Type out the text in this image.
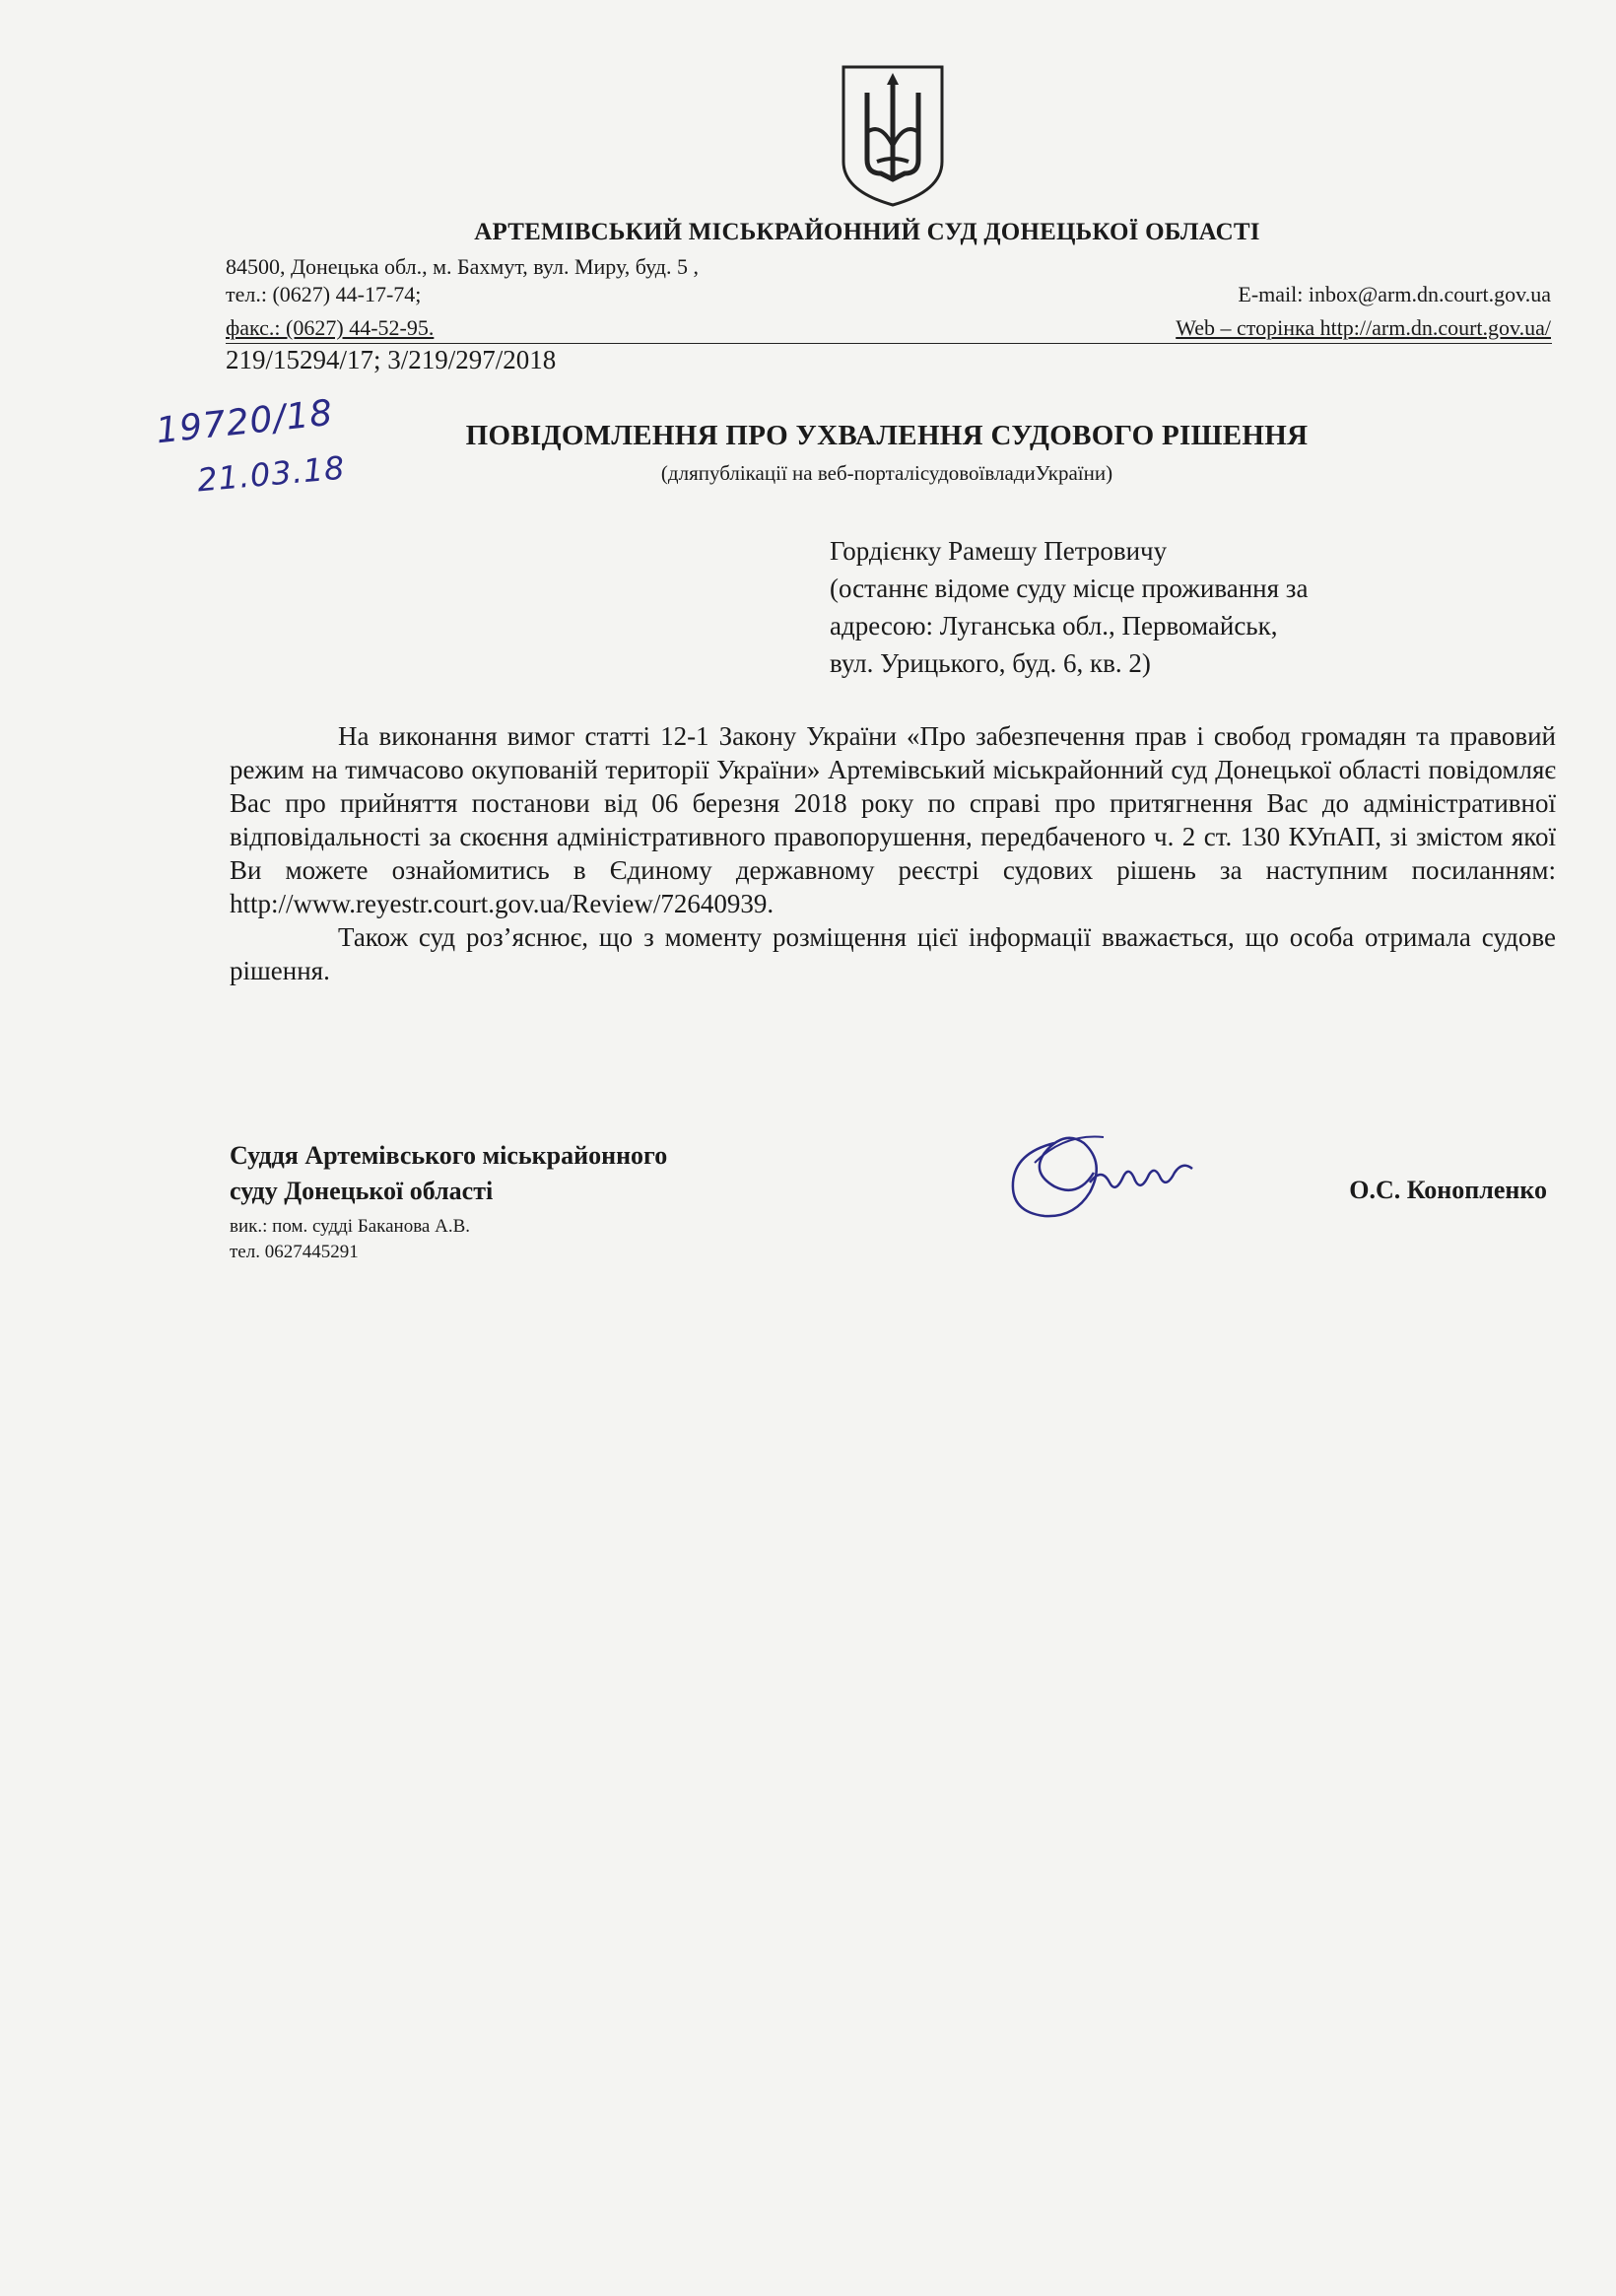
АРТЕМІВСЬКИЙ МІСЬКРАЙОННИЙ СУД ДОНЕЦЬКОЇ ОБЛАСТІ
84500, Донецька обл., м. Бахмут, вул. Миру, буд. 5 ,
тел.: (0627) 44-17-74;	E-mail: inbox@arm.dn.court.gov.ua
факс.: (0627) 44-52-95.	Web – сторінка http://arm.dn.court.gov.ua/
219/15294/17; 3/219/297/2018
19720/18
21.03.18
ПОВІДОМЛЕННЯ ПРО УХВАЛЕННЯ СУДОВОГО РІШЕННЯ
(дляпублікації на веб-порталісудовоївладиУкраїни)
Гордієнку Рамешу Петровичу
(останнє відоме суду місце проживання за
адресою: Луганська обл., Первомайськ,
вул. Урицького, буд. 6, кв. 2)

На виконання вимог статті 12-1 Закону України «Про забезпечення прав і свобод громадян та правовий режим на тимчасово окупованій території України» Артемівський міськрайонний суд Донецької області повідомляє Вас про прийняття постанови від 06 березня 2018 року по справі про притягнення Вас до адміністративної відповідальності за скоєння адміністративного правопорушення, передбаченого ч. 2 ст. 130 КУпАП, зі змістом якої Ви можете ознайомитись в Єдиному державному реєстрі судових рішень за наступним посиланням: http://www.reyestr.court.gov.ua/Review/72640939.

Також суд роз’яснює, що з моменту розміщення цієї інформації вважається, що особа отримала судове рішення.

Суддя Артемівського міськрайонного
суду Донецької області
вик.: пом. судді Баканова А.В.
тел. 0627445291
О.С. Конопленко
